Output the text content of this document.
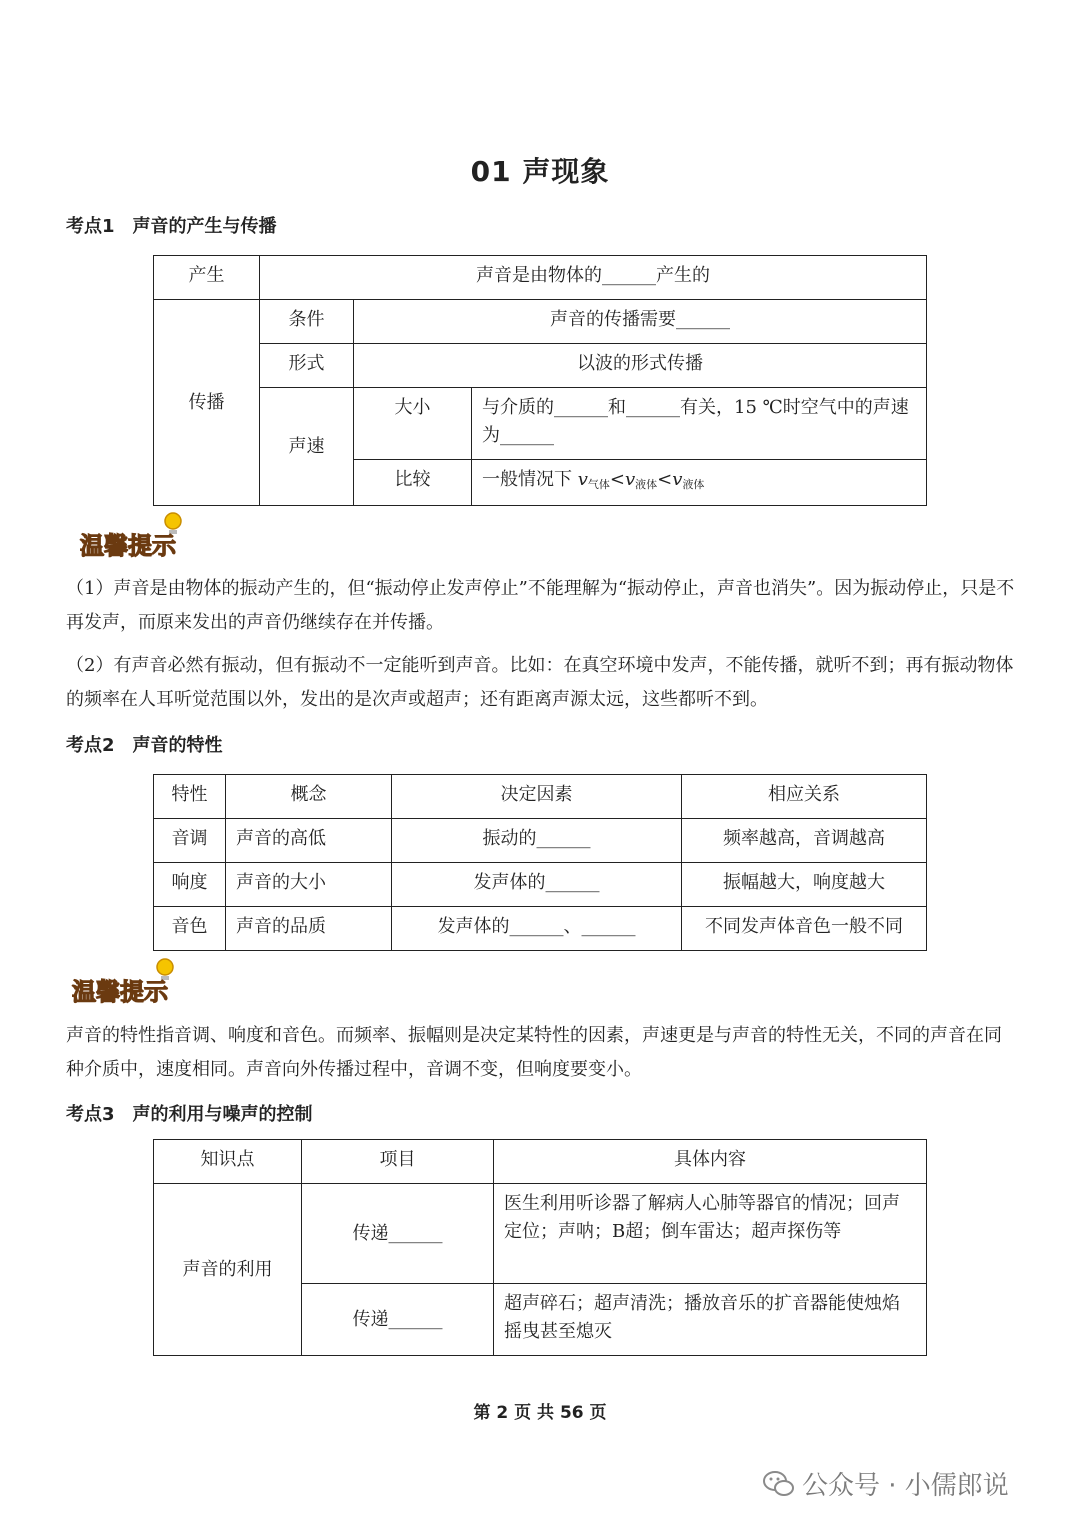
01 声现象
考点1 声音的产生与传播
产生	声音是由物体的______产生的		
传播	条件	声音的传播需要______	
	形式	以波的形式传播	
	声速	大小	与介质的______和______有关，15 ℃时空气中的声速为______
		比较	一般情况下 $v_{气体}<v_{液体}<v_{液体}$
温馨提示
（1）声音是由物体的振动产生的，但“振动停止发声停止”不能理解为“振动停止，声音也消失”。因为振动停止，只是不再发声，而原来发出的声音仍继续存在并传播。
（2）有声音必然有振动，但有振动不一定能听到声音。比如：在真空环境中发声，不能传播，就听不到；再有振动物体的频率在人耳听觉范围以外，发出的是次声或超声；还有距离声源太远，这些都听不到。
考点2 声音的特性
特性	概念	决定因素	相应关系
音调	声音的高低	振动的______	频率越高，音调越高
响度	声音的大小	发声体的______	振幅越大，响度越大
音色	声音的品质	发声体的______、______	不同发声体音色一般不同
温馨提示
声音的特性指音调、响度和音色。而频率、振幅则是决定某特性的因素，声速更是与声音的特性无关，不同的声音在同种介质中，速度相同。声音向外传播过程中，音调不变，但响度要变小。
考点3 声的利用与噪声的控制
知识点	项目	具体内容
声音的利用	传递______	医生利用听诊器了解病人心肺等器官的情况；回声定位；声呐；B超；倒车雷达；超声探伤等
	传递______	超声碎石；超声清洗；播放音乐的扩音器能使烛焰摇曳甚至熄灭
第 2 页 共 56 页
公众号 · 小儒郎说
